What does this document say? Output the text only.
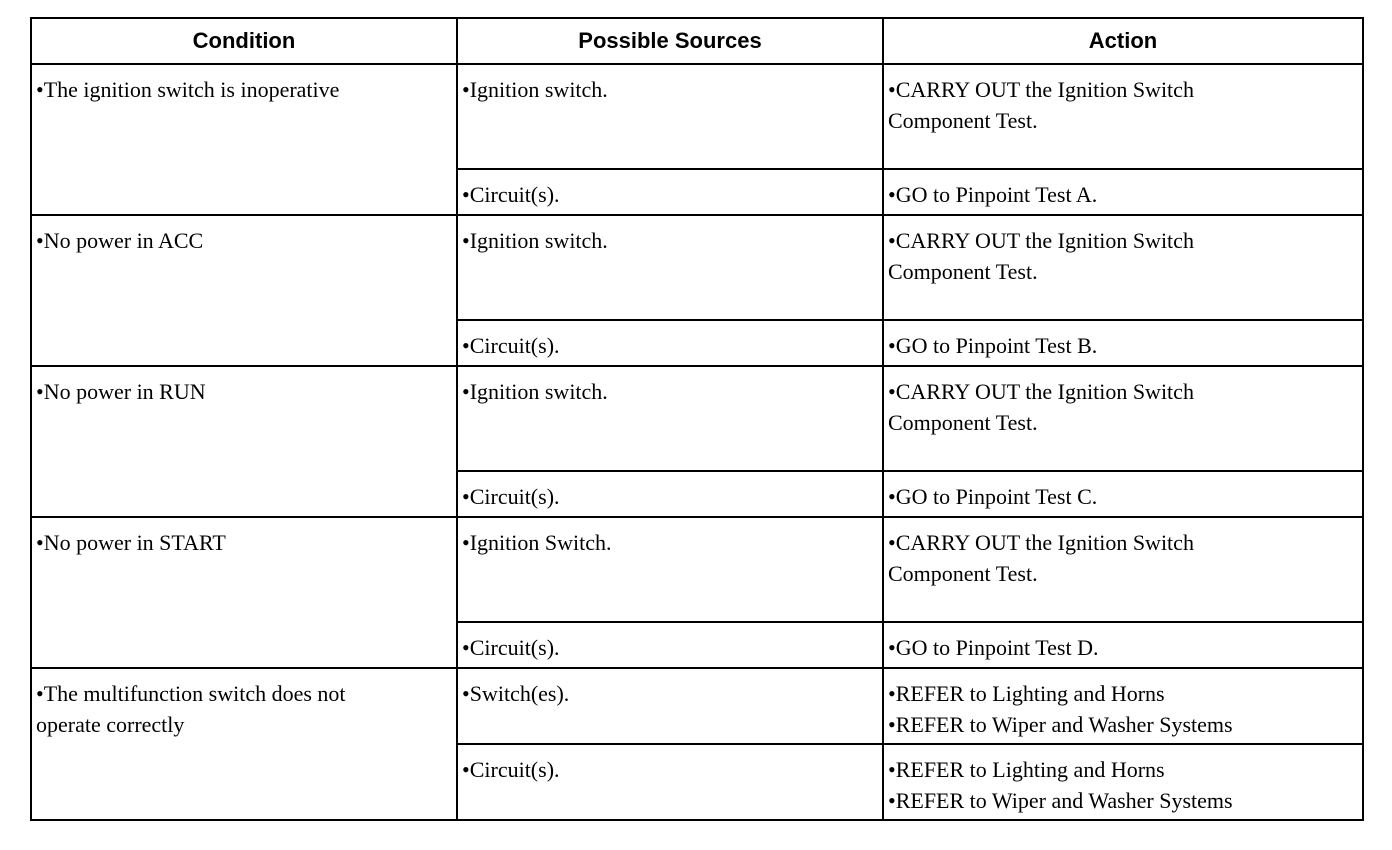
Condition	Possible Sources	Action

•The ignition switch is inoperative	•Ignition switch.	•CARRY OUT the Ignition Switch
Component Test.

	•Circuit(s).	•GO to Pinpoint Test A.

•No power in ACC	•Ignition switch.	•CARRY OUT the Ignition Switch
Component Test.

	•Circuit(s).	•GO to Pinpoint Test B.

•No power in RUN	•Ignition switch.	•CARRY OUT the Ignition Switch
Component Test.

	•Circuit(s).	•GO to Pinpoint Test C.

•No power in START	•Ignition Switch.	•CARRY OUT the Ignition Switch
Component Test.

	•Circuit(s).	•GO to Pinpoint Test D.

•The multifunction switch does not
operate correctly	•Switch(es).	•REFER to Lighting and Horns
•REFER to Wiper and Washer Systems

	•Circuit(s).	•REFER to Lighting and Horns
•REFER to Wiper and Washer Systems
